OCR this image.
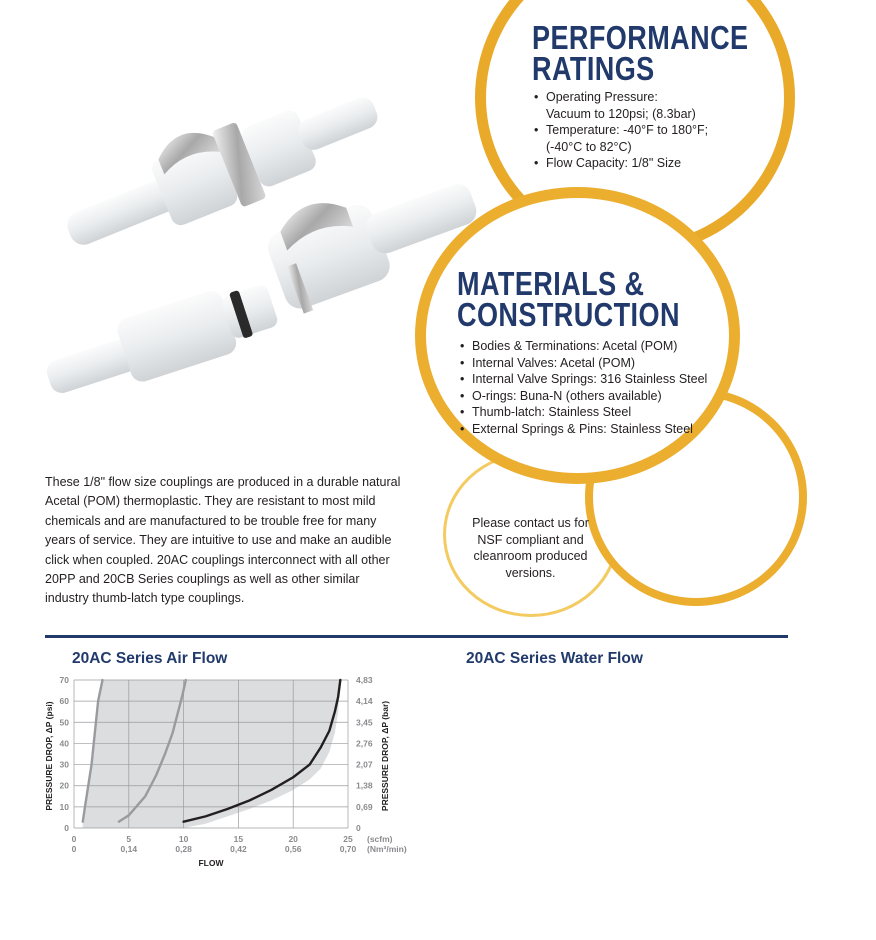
PERFORMANCE
RATINGS
• Operating Pressure:
Vacuum to 120psi; (8.3bar)
• Temperature: -40°F to 180°F;
(-40°C to 82°C)
• Flow Capacity: 1/8" Size
MATERIALS &
CONSTRUCTION
• Bodies & Terminations: Acetal (POM)
• Internal Valves: Acetal (POM)
• Internal Valve Springs: 316 Stainless Steel
• O-rings: Buna-N (others available)
• Thumb-latch: Stainless Steel
• External Springs & Pins: Stainless Steel
Please contact us for NSF compliant and cleanroom produced versions.
These 1/8" flow size couplings are produced in a durable natural Acetal (POM) thermoplastic. They are resistant to most mild chemicals and are manufactured to be trouble free for many years of service. They are intuitive to use and make an audible click when coupled. 20AC couplings interconnect with all other 20PP and 20CB Series couplings as well as other similar industry thumb-latch type couplings.
20AC Series Air Flow	20AC Series Water Flow
0
10
20
30
40
50
60
70
0
0,69
1,38
2,07
2,76
3,45
4,14
4,83
0
0
5
0,14
10
0,28
15
0,42
20
0,56
25
0,70
(scfm)
(Nm³/min)
FLOW
PRESSURE DROP, ΔP (psi)	PRESSURE DROP, ΔP (bar)
